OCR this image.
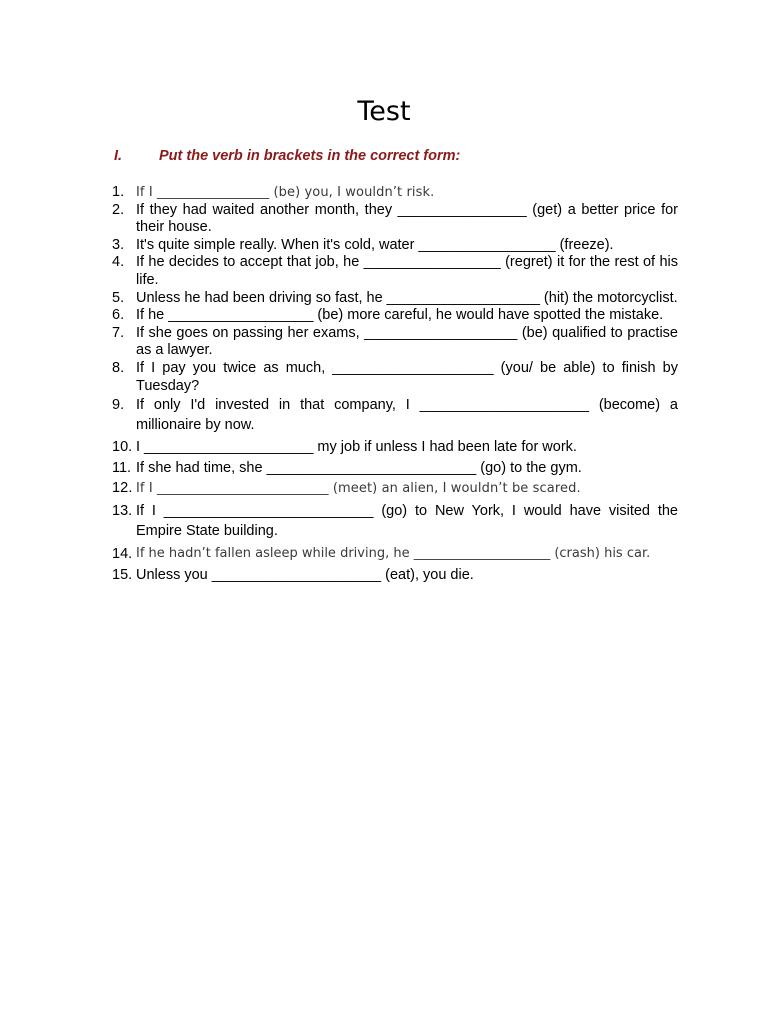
Test
I.	Put the verb in brackets in the correct form:
1. If I _________________ (be) you, I wouldn’t risk.
2. If they had waited another month, they ________________ (get) a better price for their house.
3. It's quite simple really. When it's cold, water _________________ (freeze).
4. If he decides to accept that job, he _________________ (regret) it for the rest of his life.
5. Unless he had been driving so fast, he ___________________ (hit) the motorcyclist.
6. If he __________________ (be) more careful, he would have spotted the mistake.
7. If she goes on passing her exams, ___________________ (be) qualified to practise as a lawyer.
8. If I pay you twice as much, ____________________ (you/ be able) to finish by Tuesday?
9. If only I'd invested in that company, I _____________________ (become) a millionaire by now.
10. I _____________________ my job if unless I had been late for work.
11. If she had time, she __________________________ (go) to the gym.
12. If I __________________________ (meet) an alien, I wouldn’t be scared.
13. If I __________________________ (go) to New York, I would have visited the Empire State building.
14. If he hadn’t fallen asleep while driving, he _____________________ (crash) his car.
15. Unless you _____________________ (eat), you die.
